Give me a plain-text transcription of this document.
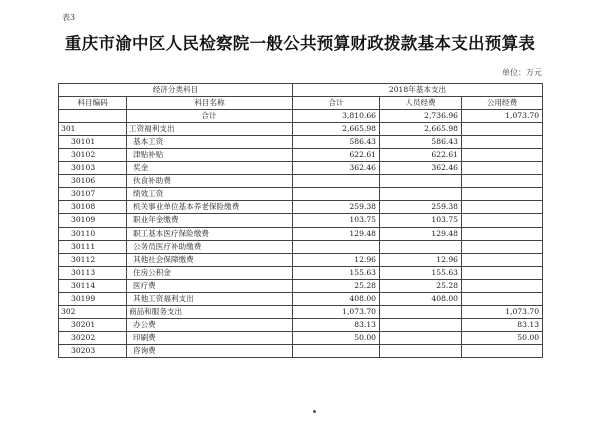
表3
重庆市渝中区人民检察院一般公共预算财政拨款基本支出预算表
单位：万元
经济分类科目		2018年基本支出		
科目编码	科目名称	合计	人员经费	公用经费
	合计	3,810.66	2,736.96	1,073.70
301	工资福利支出	2,665.98	2,665.98	
30101	基本工资	586.43	586.43	
30102	津贴补贴	622.61	622.61	
30103	奖金	362.46	362.46	
30106	伙食补助费			
30107	绩效工资			
30108	机关事业单位基本养老保险缴费	259.38	259.38	
30109	职业年金缴费	103.75	103.75	
30110	职工基本医疗保险缴费	129.48	129.48	
30111	公务员医疗补助缴费			
30112	其他社会保障缴费	12.96	12.96	
30113	住房公积金	155.63	155.63	
30114	医疗费	25.28	25.28	
30199	其他工资福利支出	408.00	408.00	
302	商品和服务支出	1,073.70		1,073.70
30201	办公费	83.13		83.13
30202	印刷费	50.00		50.00
30203	咨询费			
